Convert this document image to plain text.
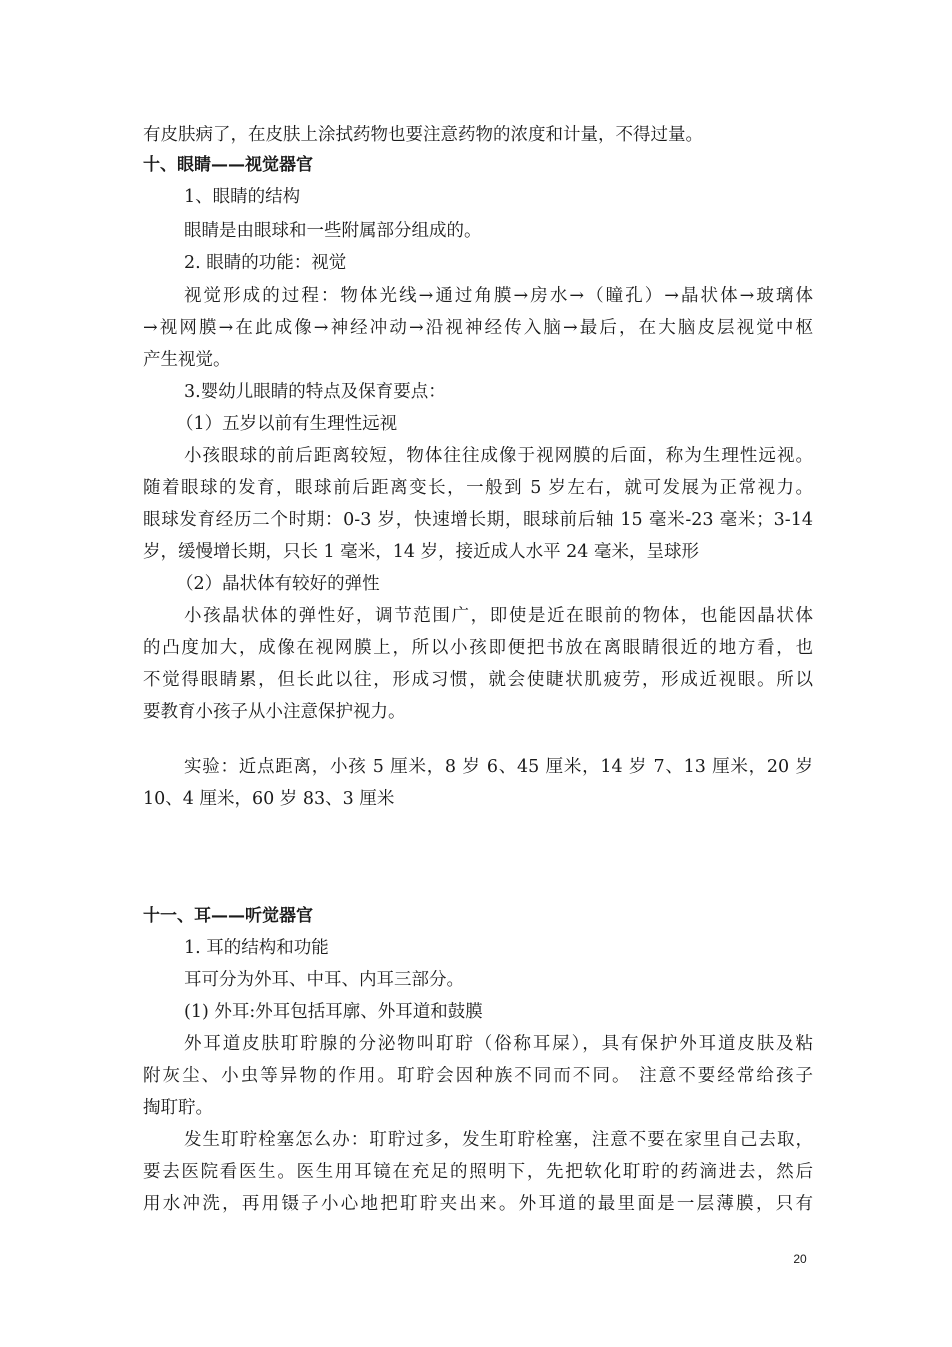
有皮肤病了，在皮肤上涂拭药物也要注意药物的浓度和计量，不得过量。
十、眼睛——视觉器官
1、眼睛的结构
眼睛是由眼球和一些附属部分组成的。
2. 眼睛的功能：视觉
视觉形成的过程：物体光线→通过角膜→房水→（瞳孔）→晶状体→玻璃体
→视网膜→在此成像→神经冲动→沿视神经传入脑→最后，在大脑皮层视觉中枢
产生视觉。
3.婴幼儿眼睛的特点及保育要点：
（1）五岁以前有生理性远视
小孩眼球的前后距离较短，物体往往成像于视网膜的后面，称为生理性远视。
随着眼球的发育，眼球前后距离变长，一般到 5 岁左右，就可发展为正常视力。
眼球发育经历二个时期：0-3 岁，快速增长期，眼球前后轴 15 毫米-23 毫米；3-14
岁，缓慢增长期，只长 1 毫米，14 岁，接近成人水平 24 毫米，呈球形
（2）晶状体有较好的弹性
小孩晶状体的弹性好，调节范围广，即使是近在眼前的物体，也能因晶状体
的凸度加大，成像在视网膜上，所以小孩即便把书放在离眼睛很近的地方看，也
不觉得眼睛累，但长此以往，形成习惯，就会使睫状肌疲劳，形成近视眼。所以
要教育小孩子从小注意保护视力。
实验：近点距离，小孩 5 厘米，8 岁 6、45 厘米，14 岁 7、13 厘米，20 岁
10、4 厘米，60 岁 83、3 厘米
十一、耳——听觉器官
1. 耳的结构和功能
耳可分为外耳、中耳、内耳三部分。
(1) 外耳:外耳包括耳廓、外耳道和鼓膜
外耳道皮肤耵聍腺的分泌物叫耵聍（俗称耳屎），具有保护外耳道皮肤及粘
附灰尘、小虫等异物的作用。耵聍会因种族不同而不同。 注意不要经常给孩子
掏耵聍。
发生耵聍栓塞怎么办：耵聍过多，发生耵聍栓塞，注意不要在家里自己去取，
要去医院看医生。医生用耳镜在充足的照明下，先把软化耵聍的药滴进去，然后
用水冲洗，再用镊子小心地把耵聍夹出来。外耳道的最里面是一层薄膜，只有
20
